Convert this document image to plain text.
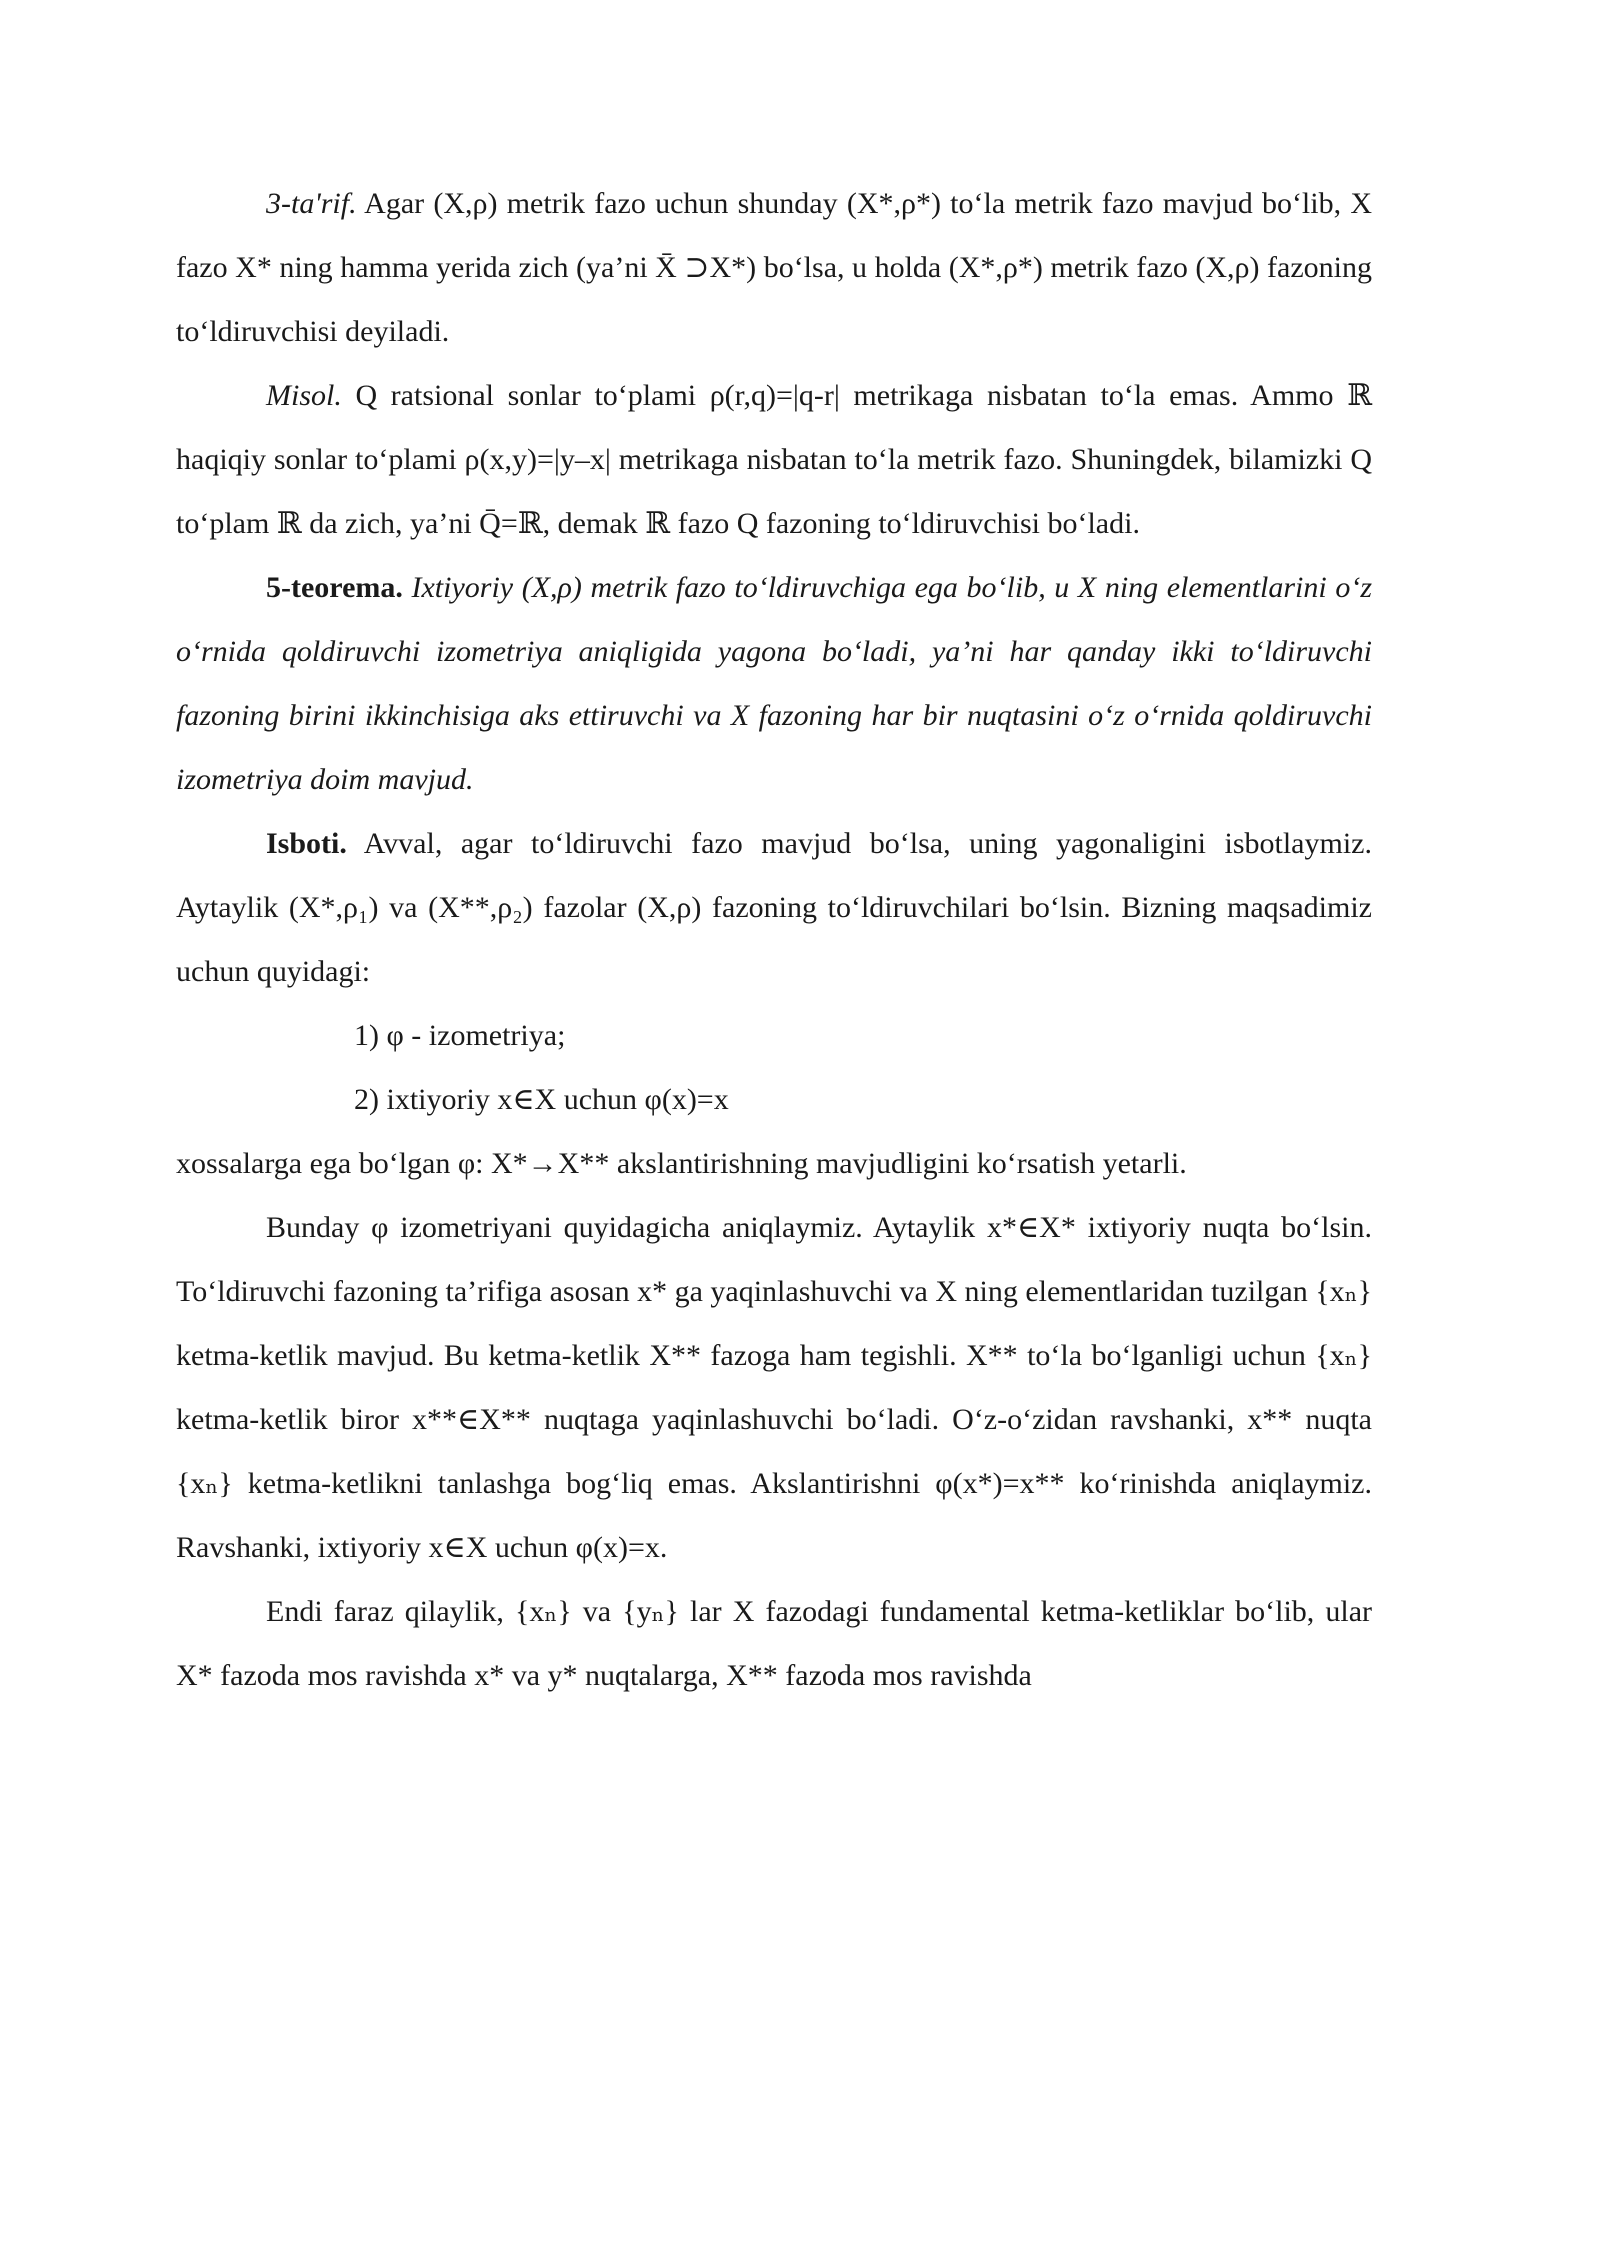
3-ta'rif. Agar (X,ρ) metrik fazo uchun shunday (X*,ρ*) to‘la metrik fazo mavjud bo‘lib, X fazo X* ning hamma yerida zich (ya’ni X̄ ⊃X*) bo‘lsa, u holda (X*,ρ*) metrik fazo (X,ρ) fazoning to‘ldiruvchisi deyiladi.

Misol. Q ratsional sonlar to‘plami ρ(r,q)=|q-r| metrikaga nisbatan to‘la emas. Ammo ℝ haqiqiy sonlar to‘plami ρ(x,y)=|y–x| metrikaga nisbatan to‘la metrik fazo. Shuningdek, bilamizki Q to‘plam ℝ da zich, ya’ni Q̄=ℝ, demak ℝ fazo Q fazoning to‘ldiruvchisi bo‘ladi.

5-teorema. Ixtiyoriy (X,ρ) metrik fazo to‘ldiruvchiga ega bo‘lib, u X ning elementlarini o‘z o‘rnida qoldiruvchi izometriya aniqligida yagona bo‘ladi, ya’ni har qanday ikki to‘ldiruvchi fazoning birini ikkinchisiga aks ettiruvchi va X fazoning har bir nuqtasini o‘z o‘rnida qoldiruvchi izometriya doim mavjud.

Isboti. Avval, agar to‘ldiruvchi fazo mavjud bo‘lsa, uning yagonaligini isbotlaymiz. Aytaylik (X*,ρ₁) va (X**,ρ₂) fazolar (X,ρ) fazoning to‘ldiruvchilari bo‘lsin. Bizning maqsadimiz uchun quyidagi:

1) φ - izometriya;

2) ixtiyoriy x∈X uchun φ(x)=x

xossalarga ega bo‘lgan φ: X*→X** akslantirishning mavjudligini ko‘rsatish yetarli.

Bunday φ izometriyani quyidagicha aniqlaymiz. Aytaylik x*∈X* ixtiyoriy nuqta bo‘lsin. To‘ldiruvchi fazoning ta’rifiga asosan x* ga yaqinlashuvchi va X ning elementlaridan tuzilgan {xₙ} ketma-ketlik mavjud. Bu ketma-ketlik X** fazoga ham tegishli. X** to‘la bo‘lganligi uchun {xₙ} ketma-ketlik biror x**∈X** nuqtaga yaqinlashuvchi bo‘ladi. O‘z-o‘zidan ravshanki, x** nuqta {xₙ} ketma-ketlikni tanlashga bog‘liq emas. Akslantirishni φ(x*)=x** ko‘rinishda aniqlaymiz. Ravshanki, ixtiyoriy x∈X uchun φ(x)=x.

Endi faraz qilaylik, {xₙ} va {yₙ} lar X fazodagi fundamental ketma-ketliklar bo‘lib, ular X* fazoda mos ravishda x* va y* nuqtalarga, X** fazoda mos ravishda
